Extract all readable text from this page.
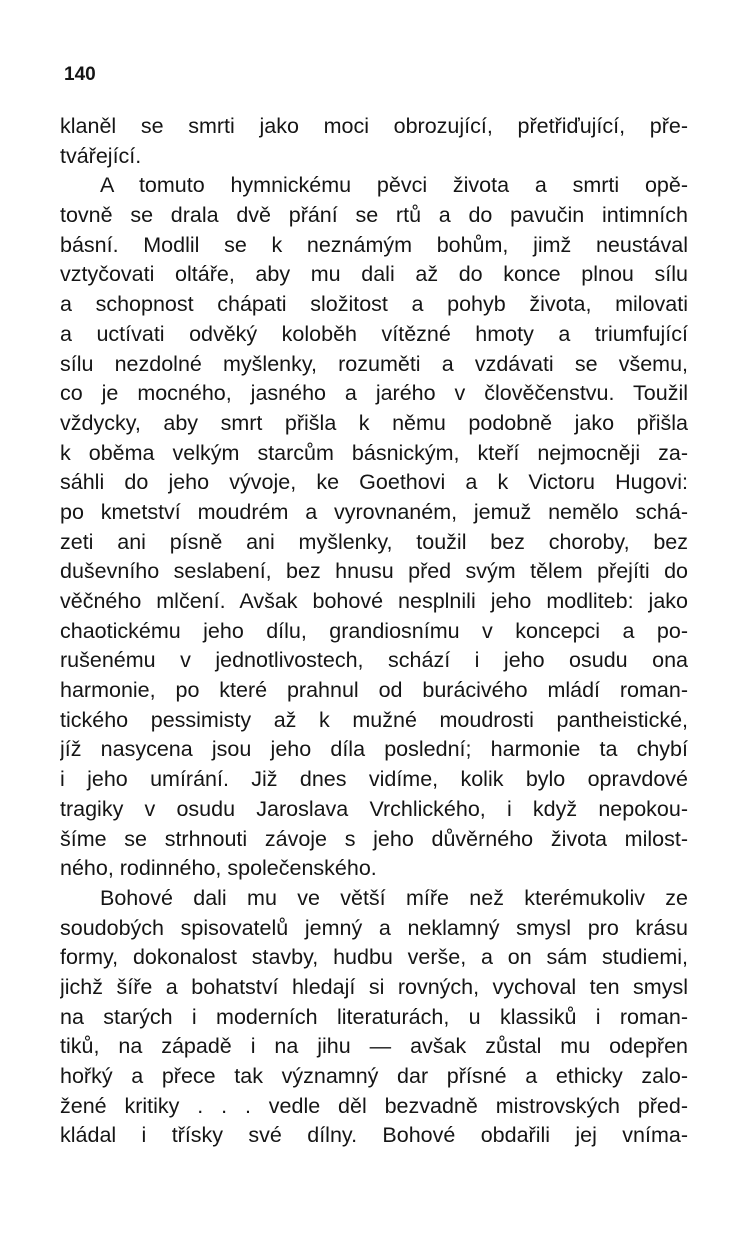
140
klaněl se smrti jako moci obrozující, přetřiďující, pře-
tvářející.
A tomuto hymnickému pěvci života a smrti opě-
tovně se drala dvě přání se rtů a do pavučin intimních
básní. Modlil se k neznámým bohům, jimž neustával
vztyčovati oltáře, aby mu dali až do konce plnou sílu
a schopnost chápati složitost a pohyb života, milovati
a uctívati odvěký koloběh vítězné hmoty a triumfující
sílu nezdolné myšlenky, rozuměti a vzdávati se všemu,
co je mocného, jasného a jarého v člověčenstvu. Toužil
vždycky, aby smrt přišla k němu podobně jako přišla
k oběma velkým starcům básnickým, kteří nejmocněji za-
sáhli do jeho vývoje, ke Goethovi a k Victoru Hugovi:
po kmetství moudrém a vyrovnaném, jemuž nemělo schá-
zeti ani písně ani myšlenky, toužil bez choroby, bez
duševního seslabení, bez hnusu před svým tělem přejíti do
věčného mlčení. Avšak bohové nesplnili jeho modliteb: jako
chaotickému jeho dílu, grandiosnímu v koncepci a po-
rušenému v jednotlivostech, schází i jeho osudu ona
harmonie, po které prahnul od burácivého mládí roman-
tického pessimisty až k mužné moudrosti pantheistické,
jíž nasycena jsou jeho díla poslední; harmonie ta chybí
i jeho umírání. Již dnes vidíme, kolik bylo opravdové
tragiky v osudu Jaroslava Vrchlického, i když nepokou-
šíme se strhnouti závoje s jeho důvěrného života milost-
ného, rodinného, společenského.
Bohové dali mu ve větší míře než kterémukoliv ze
soudobých spisovatelů jemný a neklamný smysl pro krásu
formy, dokonalost stavby, hudbu verše, a on sám studiemi,
jichž šíře a bohatství hledají si rovných, vychoval ten smysl
na starých i moderních literaturách, u klassiků i roman-
tiků, na západě i na jihu — avšak zůstal mu odepřen
hořký a přece tak významný dar přísné a ethicky zalo-
žené kritiky . . . vedle děl bezvadně mistrovských před-
kládal i třísky své dílny. Bohové obdařili jej vníma-
